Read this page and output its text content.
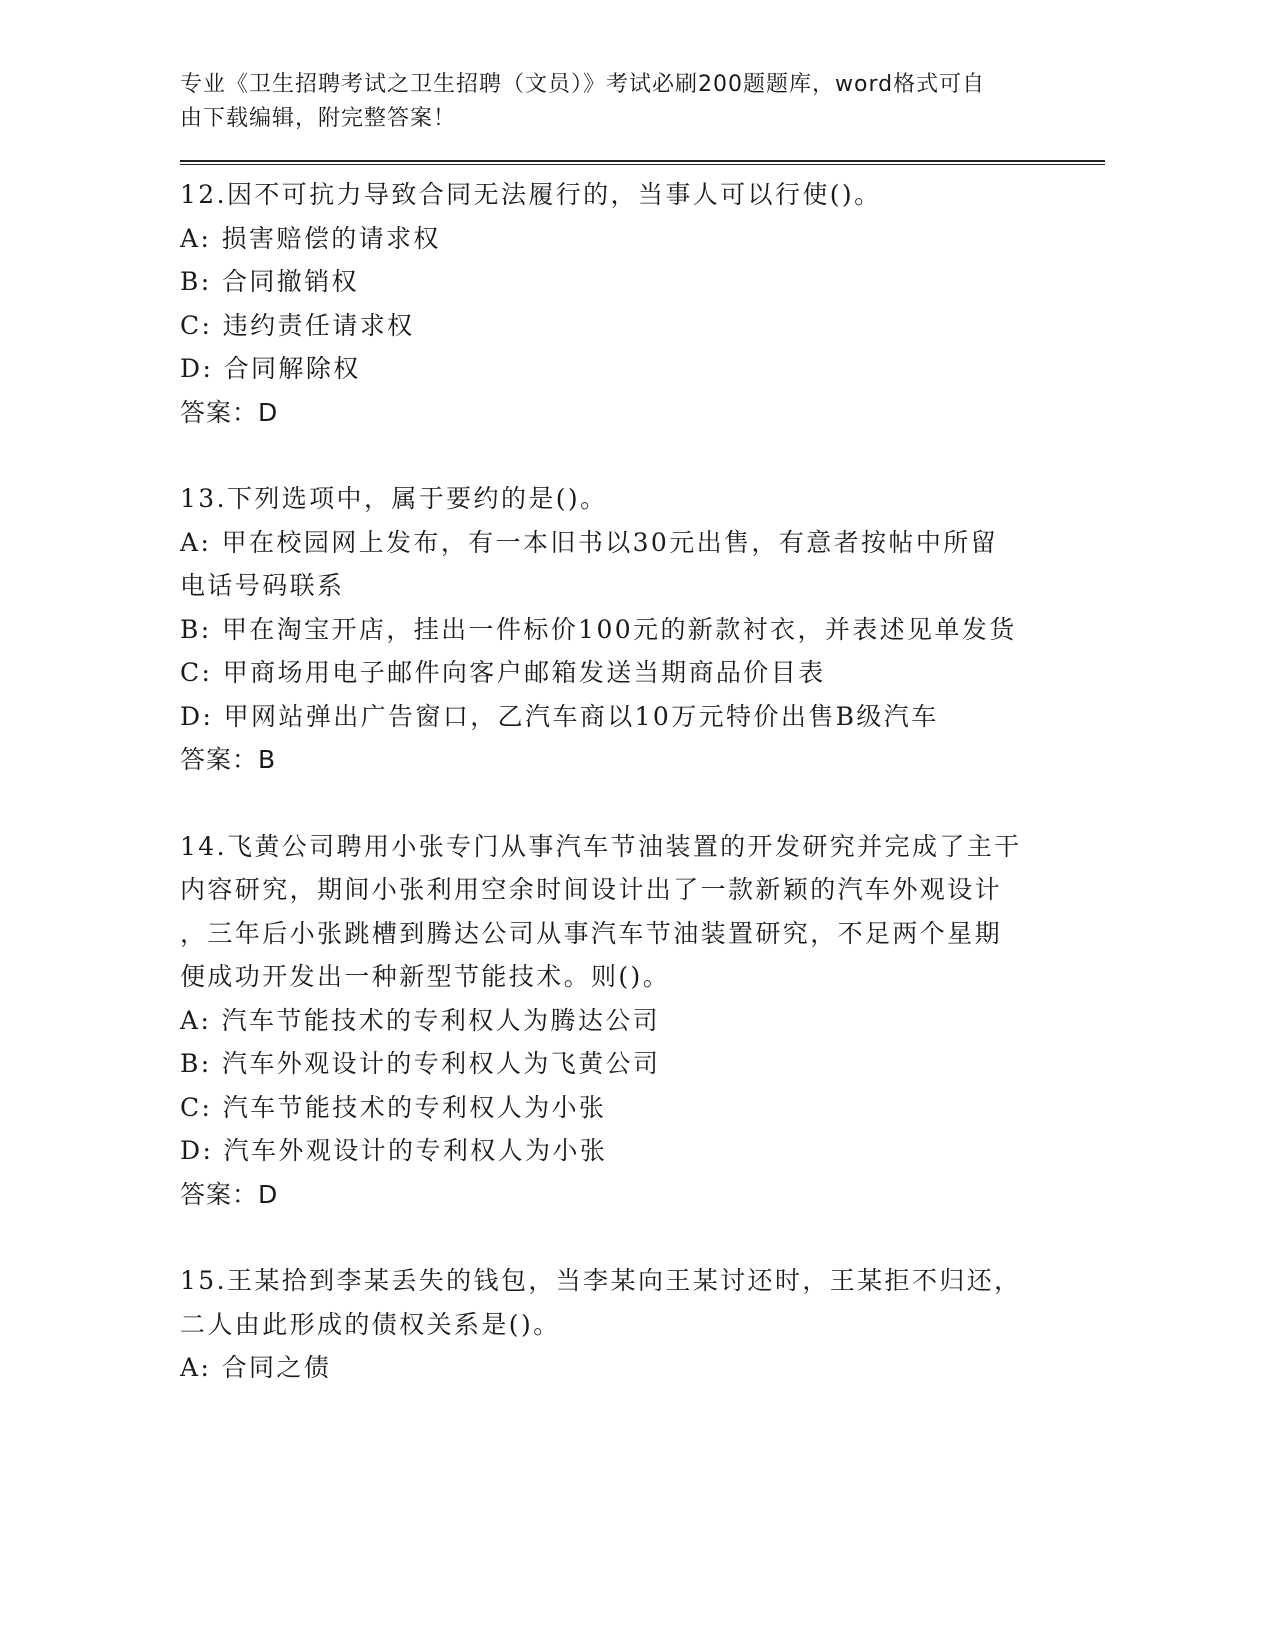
专业《卫生招聘考试之卫生招聘（文员）》考试必刷200题题库，word格式可自
由下载编辑，附完整答案！
12.因不可抗力导致合同无法履行的，当事人可以行使()。
A: 损害赔偿的请求权
B: 合同撤销权
C: 违约责任请求权
D: 合同解除权
答案：D
13.下列选项中，属于要约的是()。
A: 甲在校园网上发布，有一本旧书以30元出售，有意者按帖中所留
电话号码联系
B: 甲在淘宝开店，挂出一件标价100元的新款衬衣，并表述见单发货
C: 甲商场用电子邮件向客户邮箱发送当期商品价目表
D: 甲网站弹出广告窗口，乙汽车商以10万元特价出售B级汽车
答案：B
14.飞黄公司聘用小张专门从事汽车节油装置的开发研究并完成了主干
内容研究，期间小张利用空余时间设计出了一款新颖的汽车外观设计
，三年后小张跳槽到腾达公司从事汽车节油装置研究，不足两个星期
便成功开发出一种新型节能技术。则()。
A: 汽车节能技术的专利权人为腾达公司
B: 汽车外观设计的专利权人为飞黄公司
C: 汽车节能技术的专利权人为小张
D: 汽车外观设计的专利权人为小张
答案：D
15.王某拾到李某丢失的钱包，当李某向王某讨还时，王某拒不归还，
二人由此形成的债权关系是()。
A: 合同之债
